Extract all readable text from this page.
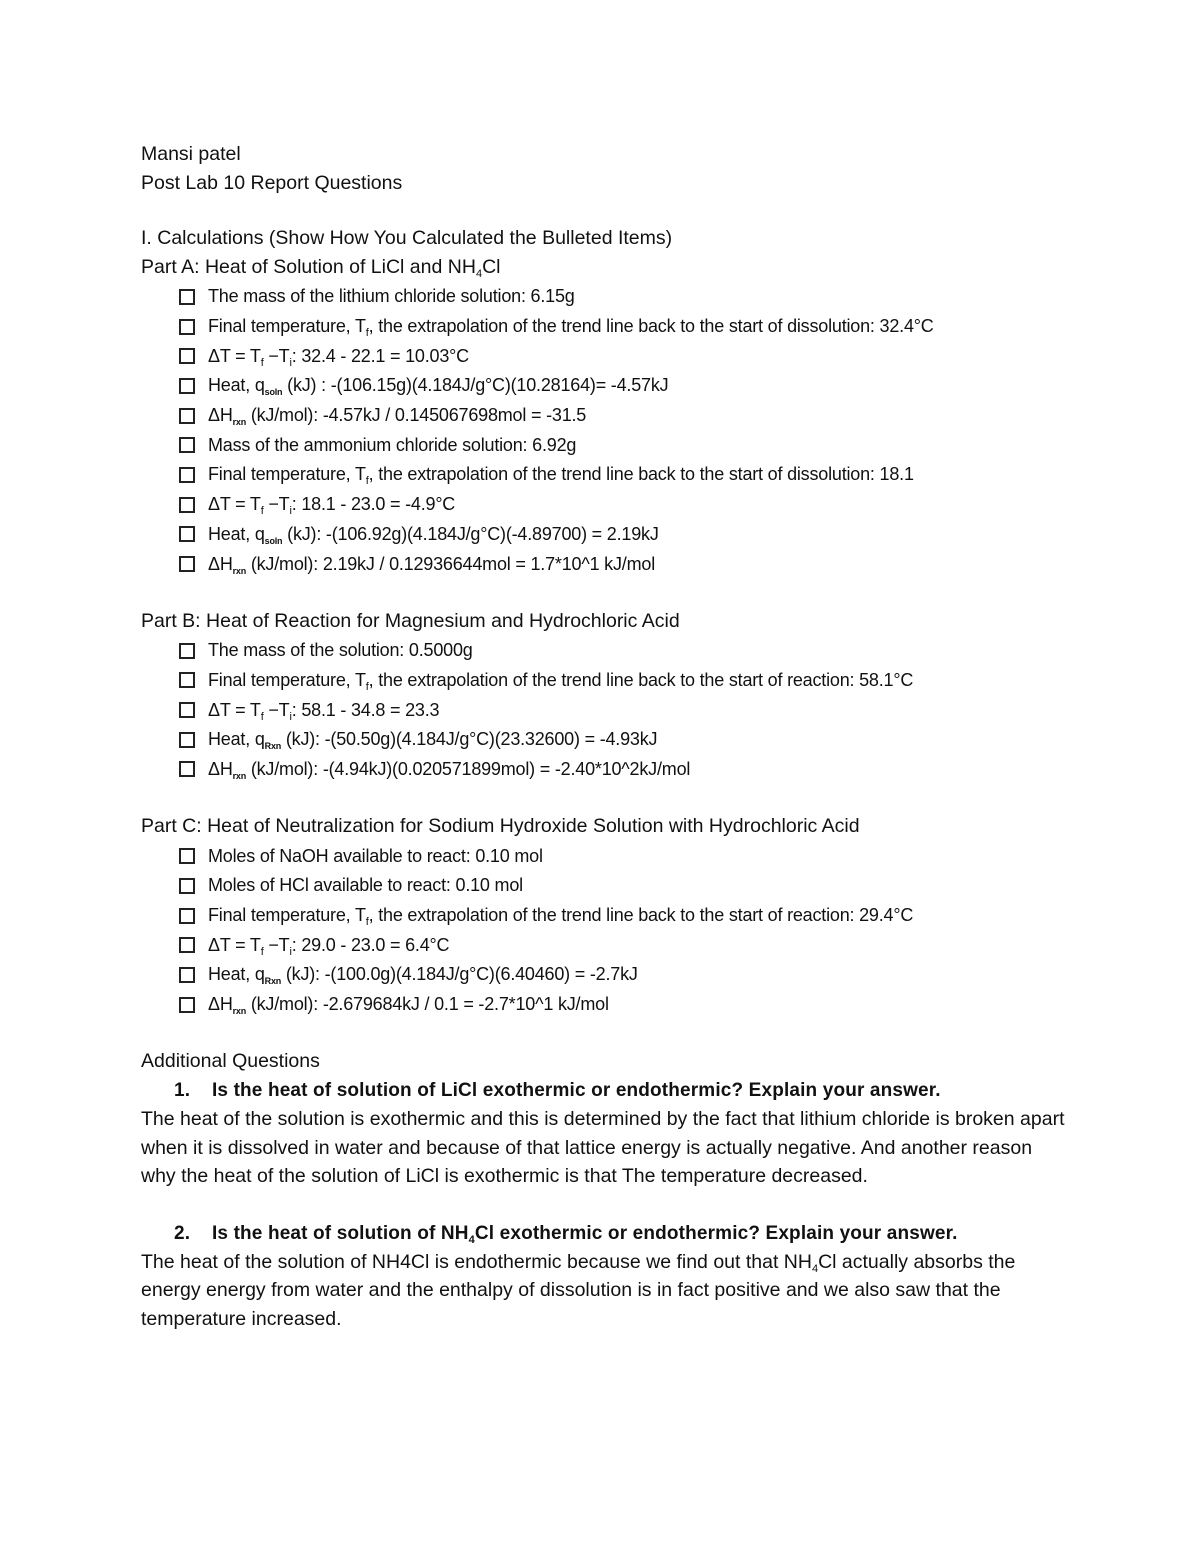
Mansi patel
Post Lab 10 Report Questions
I. Calculations (Show How You Calculated the Bulleted Items)
Part A: Heat of Solution of LiCl and $NH_4Cl$
The mass of the lithium chloride solution: 6.15g
Final temperature, $T_f$, the extrapolation of the trend line back to the start of dissolution: 32.4°C
$\Delta T = T_f -T_i$: 32.4 - 22.1 = 10.03°C
Heat, $q_{soln}$ (kJ) : -(106.15g)(4.184J/g°C)(10.28164)= -4.57kJ
$\Delta H_{rxn}$ (kJ/mol): -4.57kJ / 0.145067698mol = -31.5
Mass of the ammonium chloride solution: 6.92g
Final temperature, $T_f$, the extrapolation of the trend line back to the start of dissolution: 18.1
$\Delta T = T_f -T_i$: 18.1 - 23.0 = -4.9°C
Heat, $q_{soln}$ (kJ): -(106.92g)(4.184J/g°C)(-4.89700) = 2.19kJ
$\Delta H_{rxn}$ (kJ/mol): 2.19kJ / 0.12936644mol = 1.7*10^1 kJ/mol
Part B: Heat of Reaction for Magnesium and Hydrochloric Acid
The mass of the solution: 0.5000g
Final temperature, $T_f$, the extrapolation of the trend line back to the start of reaction: 58.1°C
$\Delta T = T_f -T_i$: 58.1 - 34.8 = 23.3
Heat, $q_{Rxn}$ (kJ): -(50.50g)(4.184J/g°C)(23.32600) = -4.93kJ
$\Delta H_{rxn}$ (kJ/mol): -(4.94kJ)(0.020571899mol) = -2.40*10^2kJ/mol
Part C: Heat of Neutralization for Sodium Hydroxide Solution with Hydrochloric Acid
Moles of NaOH available to react: 0.10 mol
Moles of HCl available to react: 0.10 mol
Final temperature, $T_f$, the extrapolation of the trend line back to the start of reaction: 29.4°C
$\Delta T = T_f -T_i$: 29.0 - 23.0 = 6.4°C
Heat, $q_{Rxn}$ (kJ): -(100.0g)(4.184J/g°C)(6.40460) = -2.7kJ
$\Delta H_{rxn}$ (kJ/mol): -2.679684kJ / 0.1 = -2.7*10^1 kJ/mol
Additional Questions
1. Is the heat of solution of LiCl exothermic or endothermic? Explain your answer.
The heat of the solution is exothermic and this is determined by the fact that lithium chloride is broken apart when it is dissolved in water and because of that lattice energy is actually negative. And another reason why the heat of the solution of LiCl is exothermic is that The temperature decreased.
2. Is the heat of solution of $NH_4Cl$ exothermic or endothermic? Explain your answer.
The heat of the solution of NH4Cl is endothermic because we find out that $NH_4Cl$ actually absorbs the energy energy from water and the enthalpy of dissolution is in fact positive and we also saw that the temperature increased.
